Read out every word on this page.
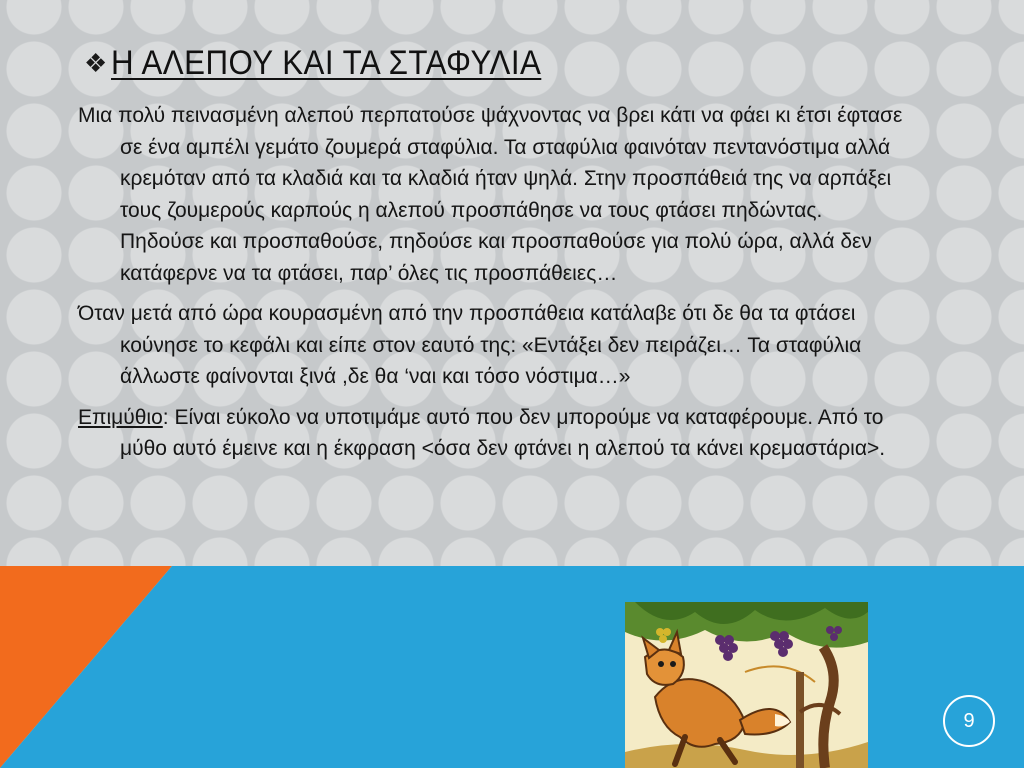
❖ Η ΑΛΕΠΟΥ ΚΑΙ ΤΑ ΣΤΑΦΥΛΙΑ

Μια πολύ πεινασμένη αλεπού περπατούσε ψάχνοντας να βρει κάτι να φάει κι έτσι έφτασε σε ένα αμπέλι γεμάτο ζουμερά σταφύλια. Τα σταφύλια φαινόταν πεντανόστιμα αλλά κρεμόταν από τα κλαδιά και τα κλαδιά ήταν ψηλά. Στην προσπάθειά της να αρπάξει τους ζουμερούς καρπούς η αλεπού προσπάθησε να τους φτάσει πηδώντας. Πηδούσε και προσπαθούσε, πηδούσε και προσπαθούσε για πολύ ώρα, αλλά δεν κατάφερνε να τα φτάσει, παρ’ όλες τις προσπάθειες…

Όταν μετά από ώρα κουρασμένη από την προσπάθεια κατάλαβε ότι δε θα τα φτάσει κούνησε το κεφάλι και είπε στον εαυτό της: «Εντάξει δεν πειράζει… Τα σταφύλια άλλωστε φαίνονται ξινά ,δε θα ‘ναι και τόσο νόστιμα…»

Επιμύθιο: Είναι εύκολο να υποτιμάμε αυτό που δεν μπορούμε να καταφέρουμε. Από το μύθο αυτό έμεινε και η έκφραση <όσα δεν φτάνει η αλεπού τα κάνει κρεμαστάρια>.

9
